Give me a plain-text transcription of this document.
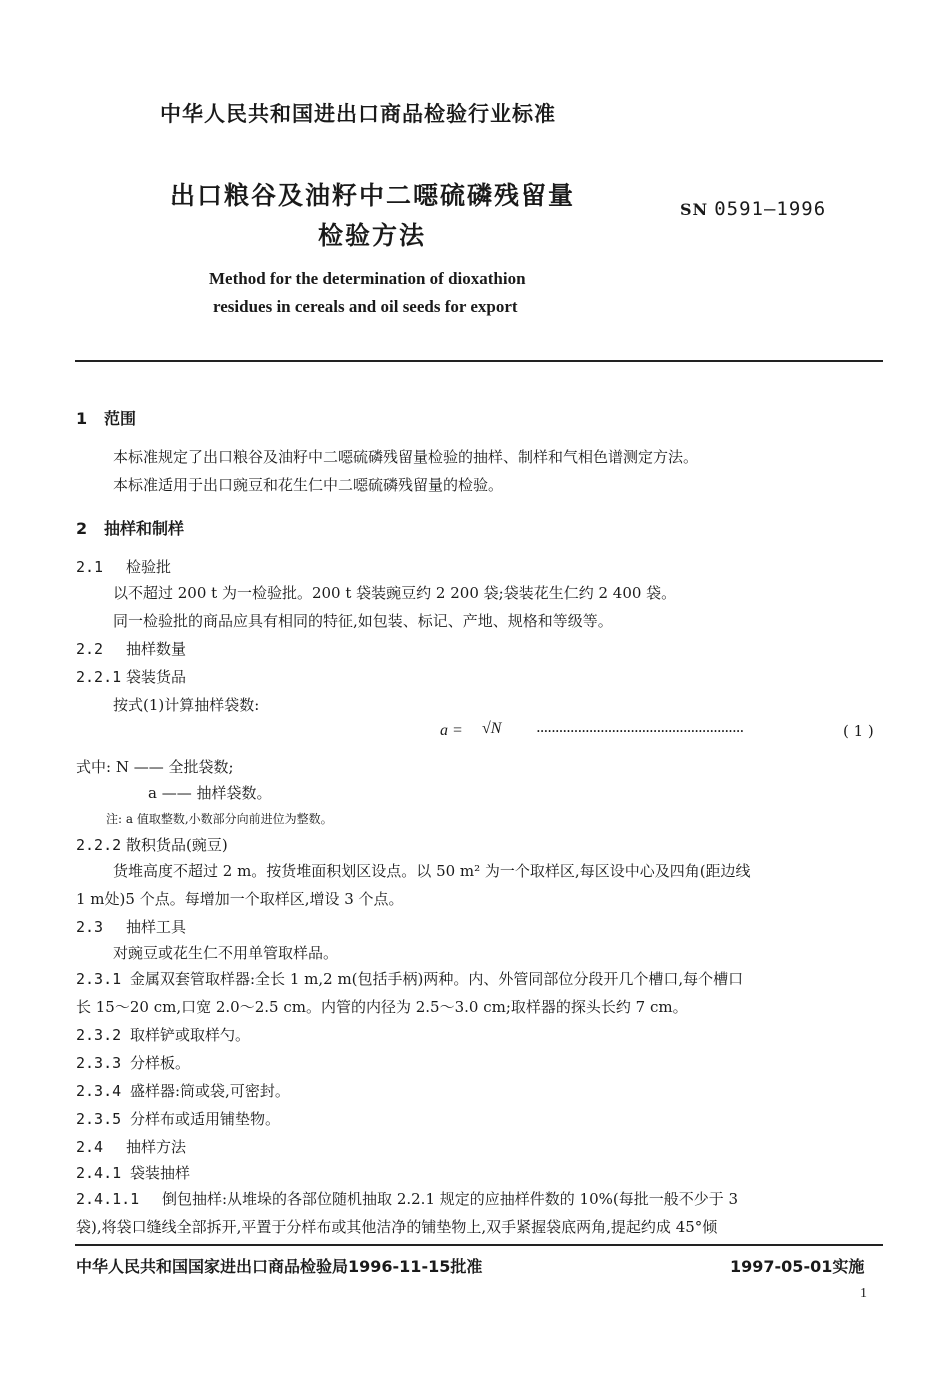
中华人民共和国进出口商品检验行业标准
出口粮谷及油籽中二噁硫磷残留量
检验方法
SN 0591—1996
Method for the determination of dioxathion
residues in cereals and oil seeds for export
1 范围
本标准规定了出口粮谷及油籽中二噁硫磷残留量检验的抽样、制样和气相色谱测定方法。
本标准适用于出口豌豆和花生仁中二噁硫磷残留量的检验。
2 抽样和制样
2.1 检验批
以不超过 200 t 为一检验批。200 t 袋装豌豆约 2 200 袋;袋装花生仁约 2 400 袋。
同一检验批的商品应具有相同的特征,如包装、标记、产地、规格和等级等。
2.2 抽样数量
2.2.1 袋装货品
按式(1)计算抽样袋数:
a = √N ·······················································	( 1 )
式中: N —— 全批袋数;
a —— 抽样袋数。
注: a 值取整数,小数部分向前进位为整数。
2.2.2 散积货品(豌豆)
货堆高度不超过 2 m。按货堆面积划区设点。以 50 m² 为一个取样区,每区设中心及四角(距边线
1 m处)5 个点。每增加一个取样区,增设 3 个点。
2.3 抽样工具
对豌豆或花生仁不用单管取样品。
2.3.1 金属双套管取样器:全长 1 m,2 m(包括手柄)两种。内、外管同部位分段开几个槽口,每个槽口
长 15～20 cm,口宽 2.0～2.5 cm。内管的内径为 2.5～3.0 cm;取样器的探头长约 7 cm。
2.3.2 取样铲或取样勺。
2.3.3 分样板。
2.3.4 盛样器:筒或袋,可密封。
2.3.5 分样布或适用铺垫物。
2.4 抽样方法
2.4.1 袋装抽样
2.4.1.1 倒包抽样:从堆垛的各部位随机抽取 2.2.1 规定的应抽样件数的 10%(每批一般不少于 3
袋),将袋口缝线全部拆开,平置于分样布或其他洁净的铺垫物上,双手紧握袋底两角,提起约成 45°倾
中华人民共和国国家进出口商品检验局1996-11-15批准	1997-05-01实施
1
